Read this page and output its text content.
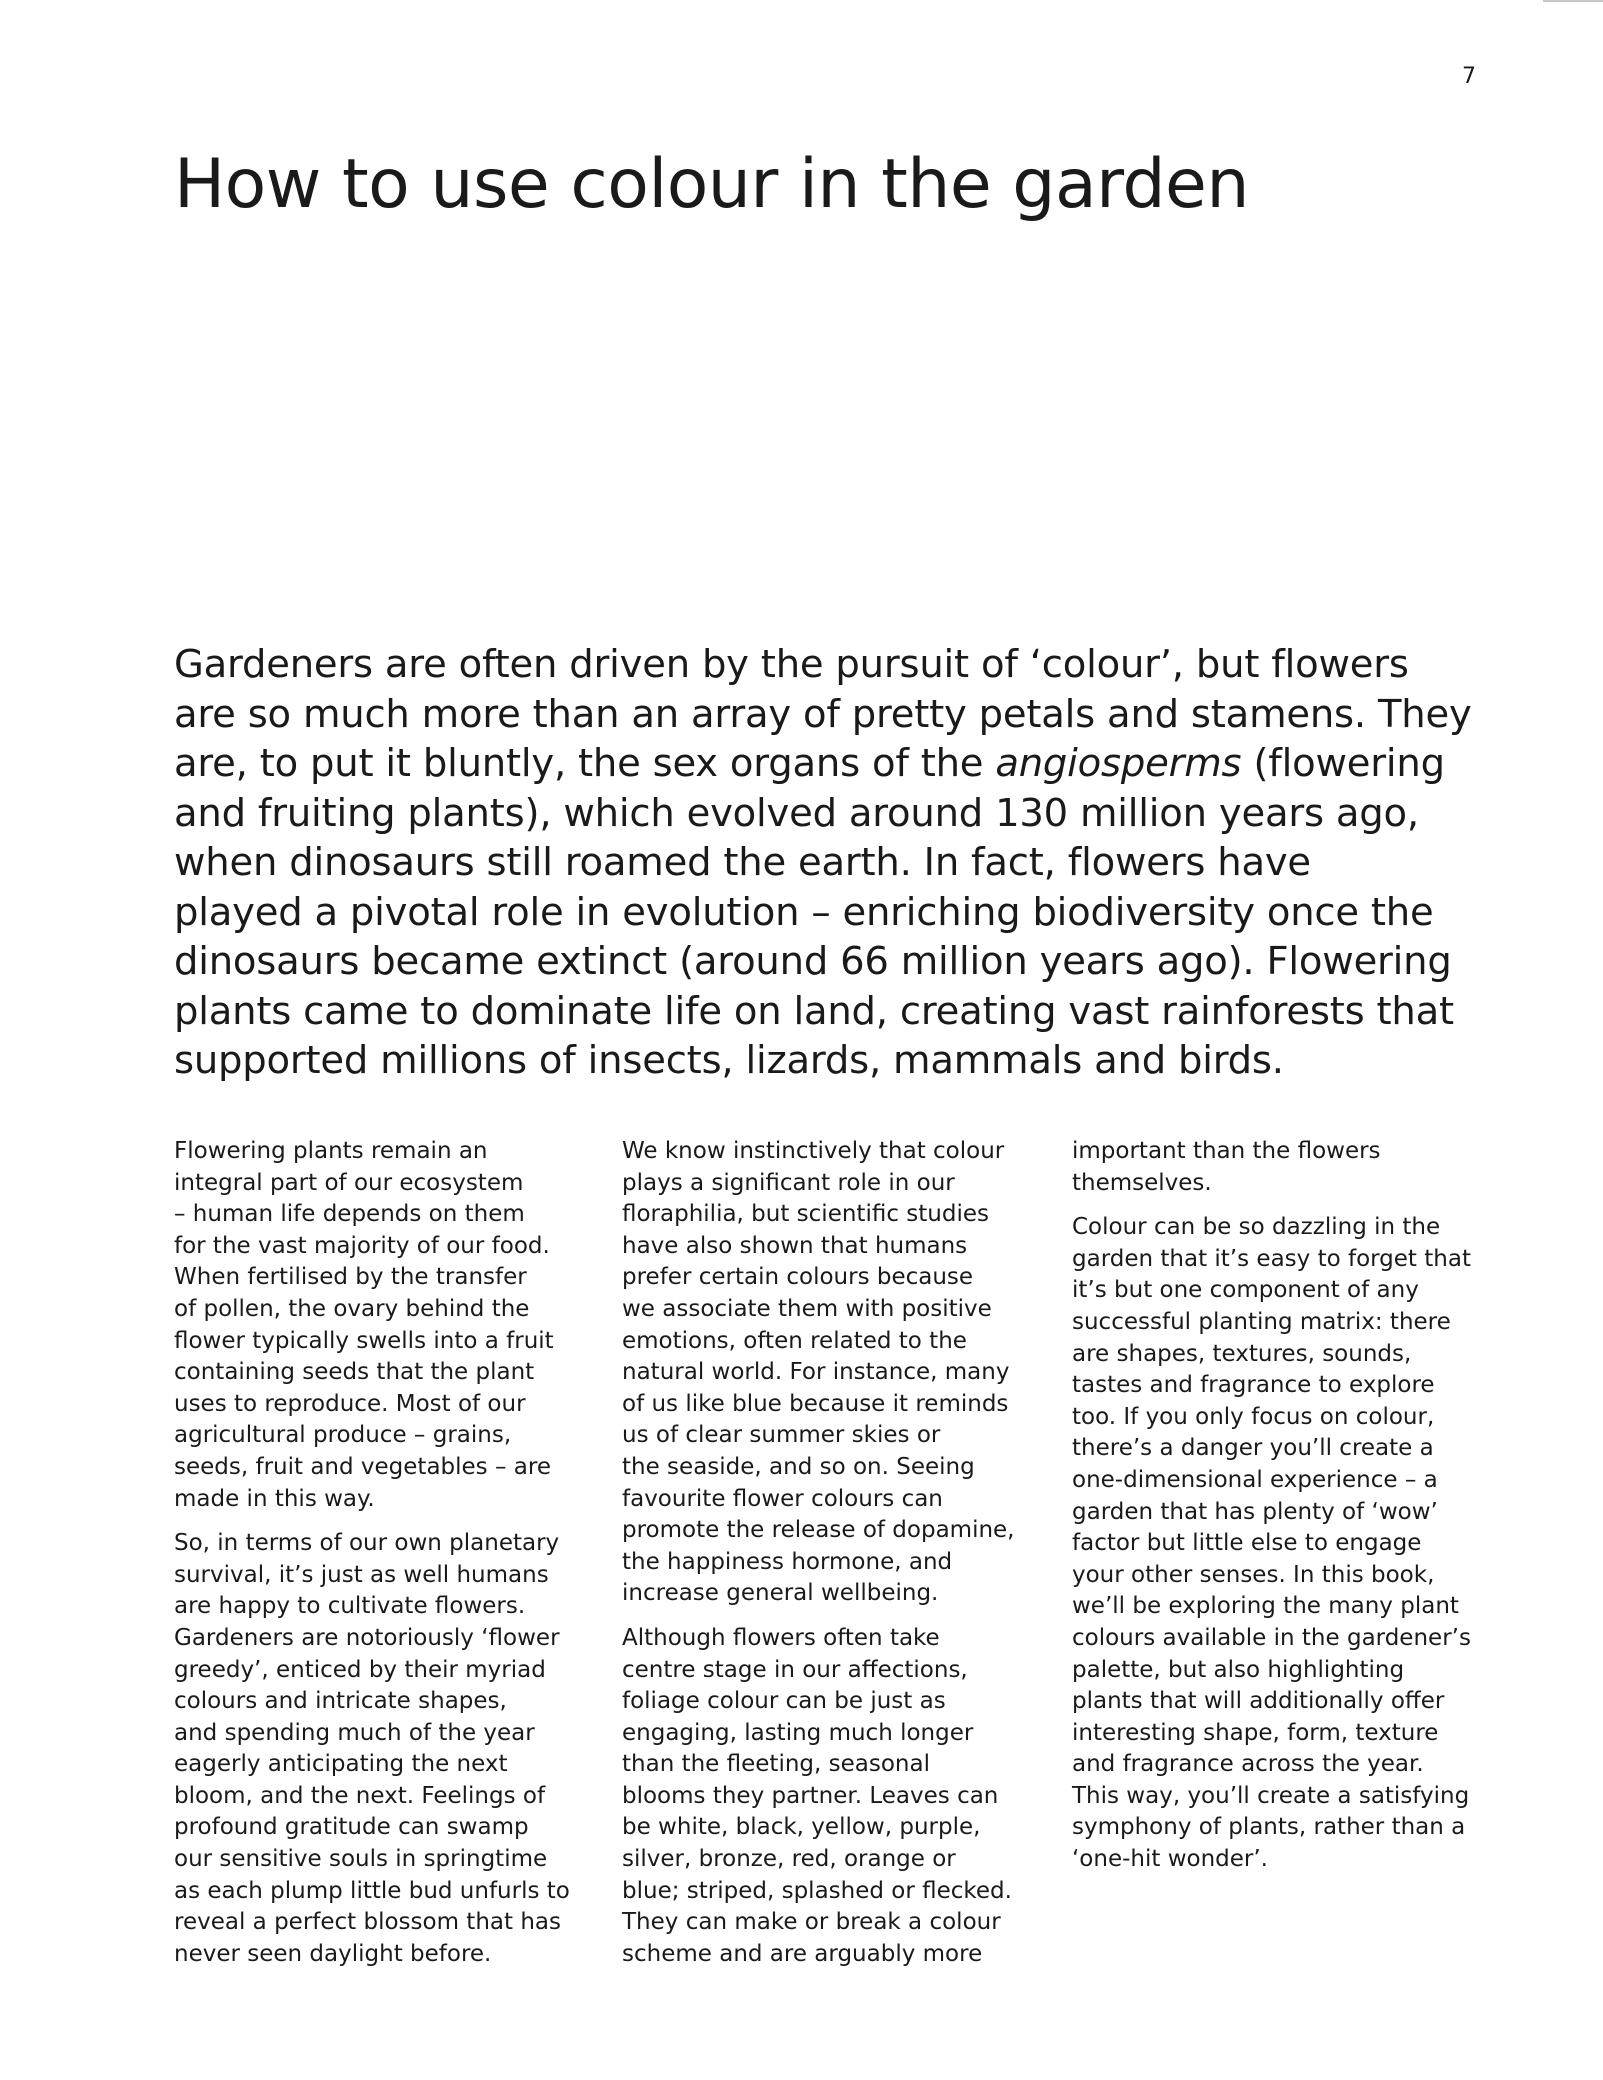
7
How to use colour in the garden

Gardeners are often driven by the pursuit of ‘colour’, but flowers
are so much more than an array of pretty petals and stamens. They
are, to put it bluntly, the sex organs of the angiosperms (flowering
and fruiting plants), which evolved around 130 million years ago,
when dinosaurs still roamed the earth. In fact, flowers have
played a pivotal role in evolution – enriching biodiversity once the
dinosaurs became extinct (around 66 million years ago). Flowering
plants came to dominate life on land, creating vast rainforests that
supported millions of insects, lizards, mammals and birds.

Flowering plants remain an
integral part of our ecosystem
– human life depends on them
for the vast majority of our food.
When fertilised by the transfer
of pollen, the ovary behind the
flower typically swells into a fruit
containing seeds that the plant
uses to reproduce. Most of our
agricultural produce – grains,
seeds, fruit and vegetables – are
made in this way.

So, in terms of our own planetary
survival, it’s just as well humans
are happy to cultivate flowers.
Gardeners are notoriously ‘flower
greedy’, enticed by their myriad
colours and intricate shapes,
and spending much of the year
eagerly anticipating the next
bloom, and the next. Feelings of
profound gratitude can swamp
our sensitive souls in springtime
as each plump little bud unfurls to
reveal a perfect blossom that has
never seen daylight before.

We know instinctively that colour
plays a significant role in our
floraphilia, but scientific studies
have also shown that humans
prefer certain colours because
we associate them with positive
emotions, often related to the
natural world. For instance, many
of us like blue because it reminds
us of clear summer skies or
the seaside, and so on. Seeing
favourite flower colours can
promote the release of dopamine,
the happiness hormone, and
increase general wellbeing.

Although flowers often take
centre stage in our affections,
foliage colour can be just as
engaging, lasting much longer
than the fleeting, seasonal
blooms they partner. Leaves can
be white, black, yellow, purple,
silver, bronze, red, orange or
blue; striped, splashed or flecked.
They can make or break a colour
scheme and are arguably more

important than the flowers
themselves.

Colour can be so dazzling in the
garden that it’s easy to forget that
it’s but one component of any
successful planting matrix: there
are shapes, textures, sounds,
tastes and fragrance to explore
too. If you only focus on colour,
there’s a danger you’ll create a
one-dimensional experience – a
garden that has plenty of ‘wow’
factor but little else to engage
your other senses. In this book,
we’ll be exploring the many plant
colours available in the gardener’s
palette, but also highlighting
plants that will additionally offer
interesting shape, form, texture
and fragrance across the year.
This way, you’ll create a satisfying
symphony of plants, rather than a
‘one-hit wonder’.
